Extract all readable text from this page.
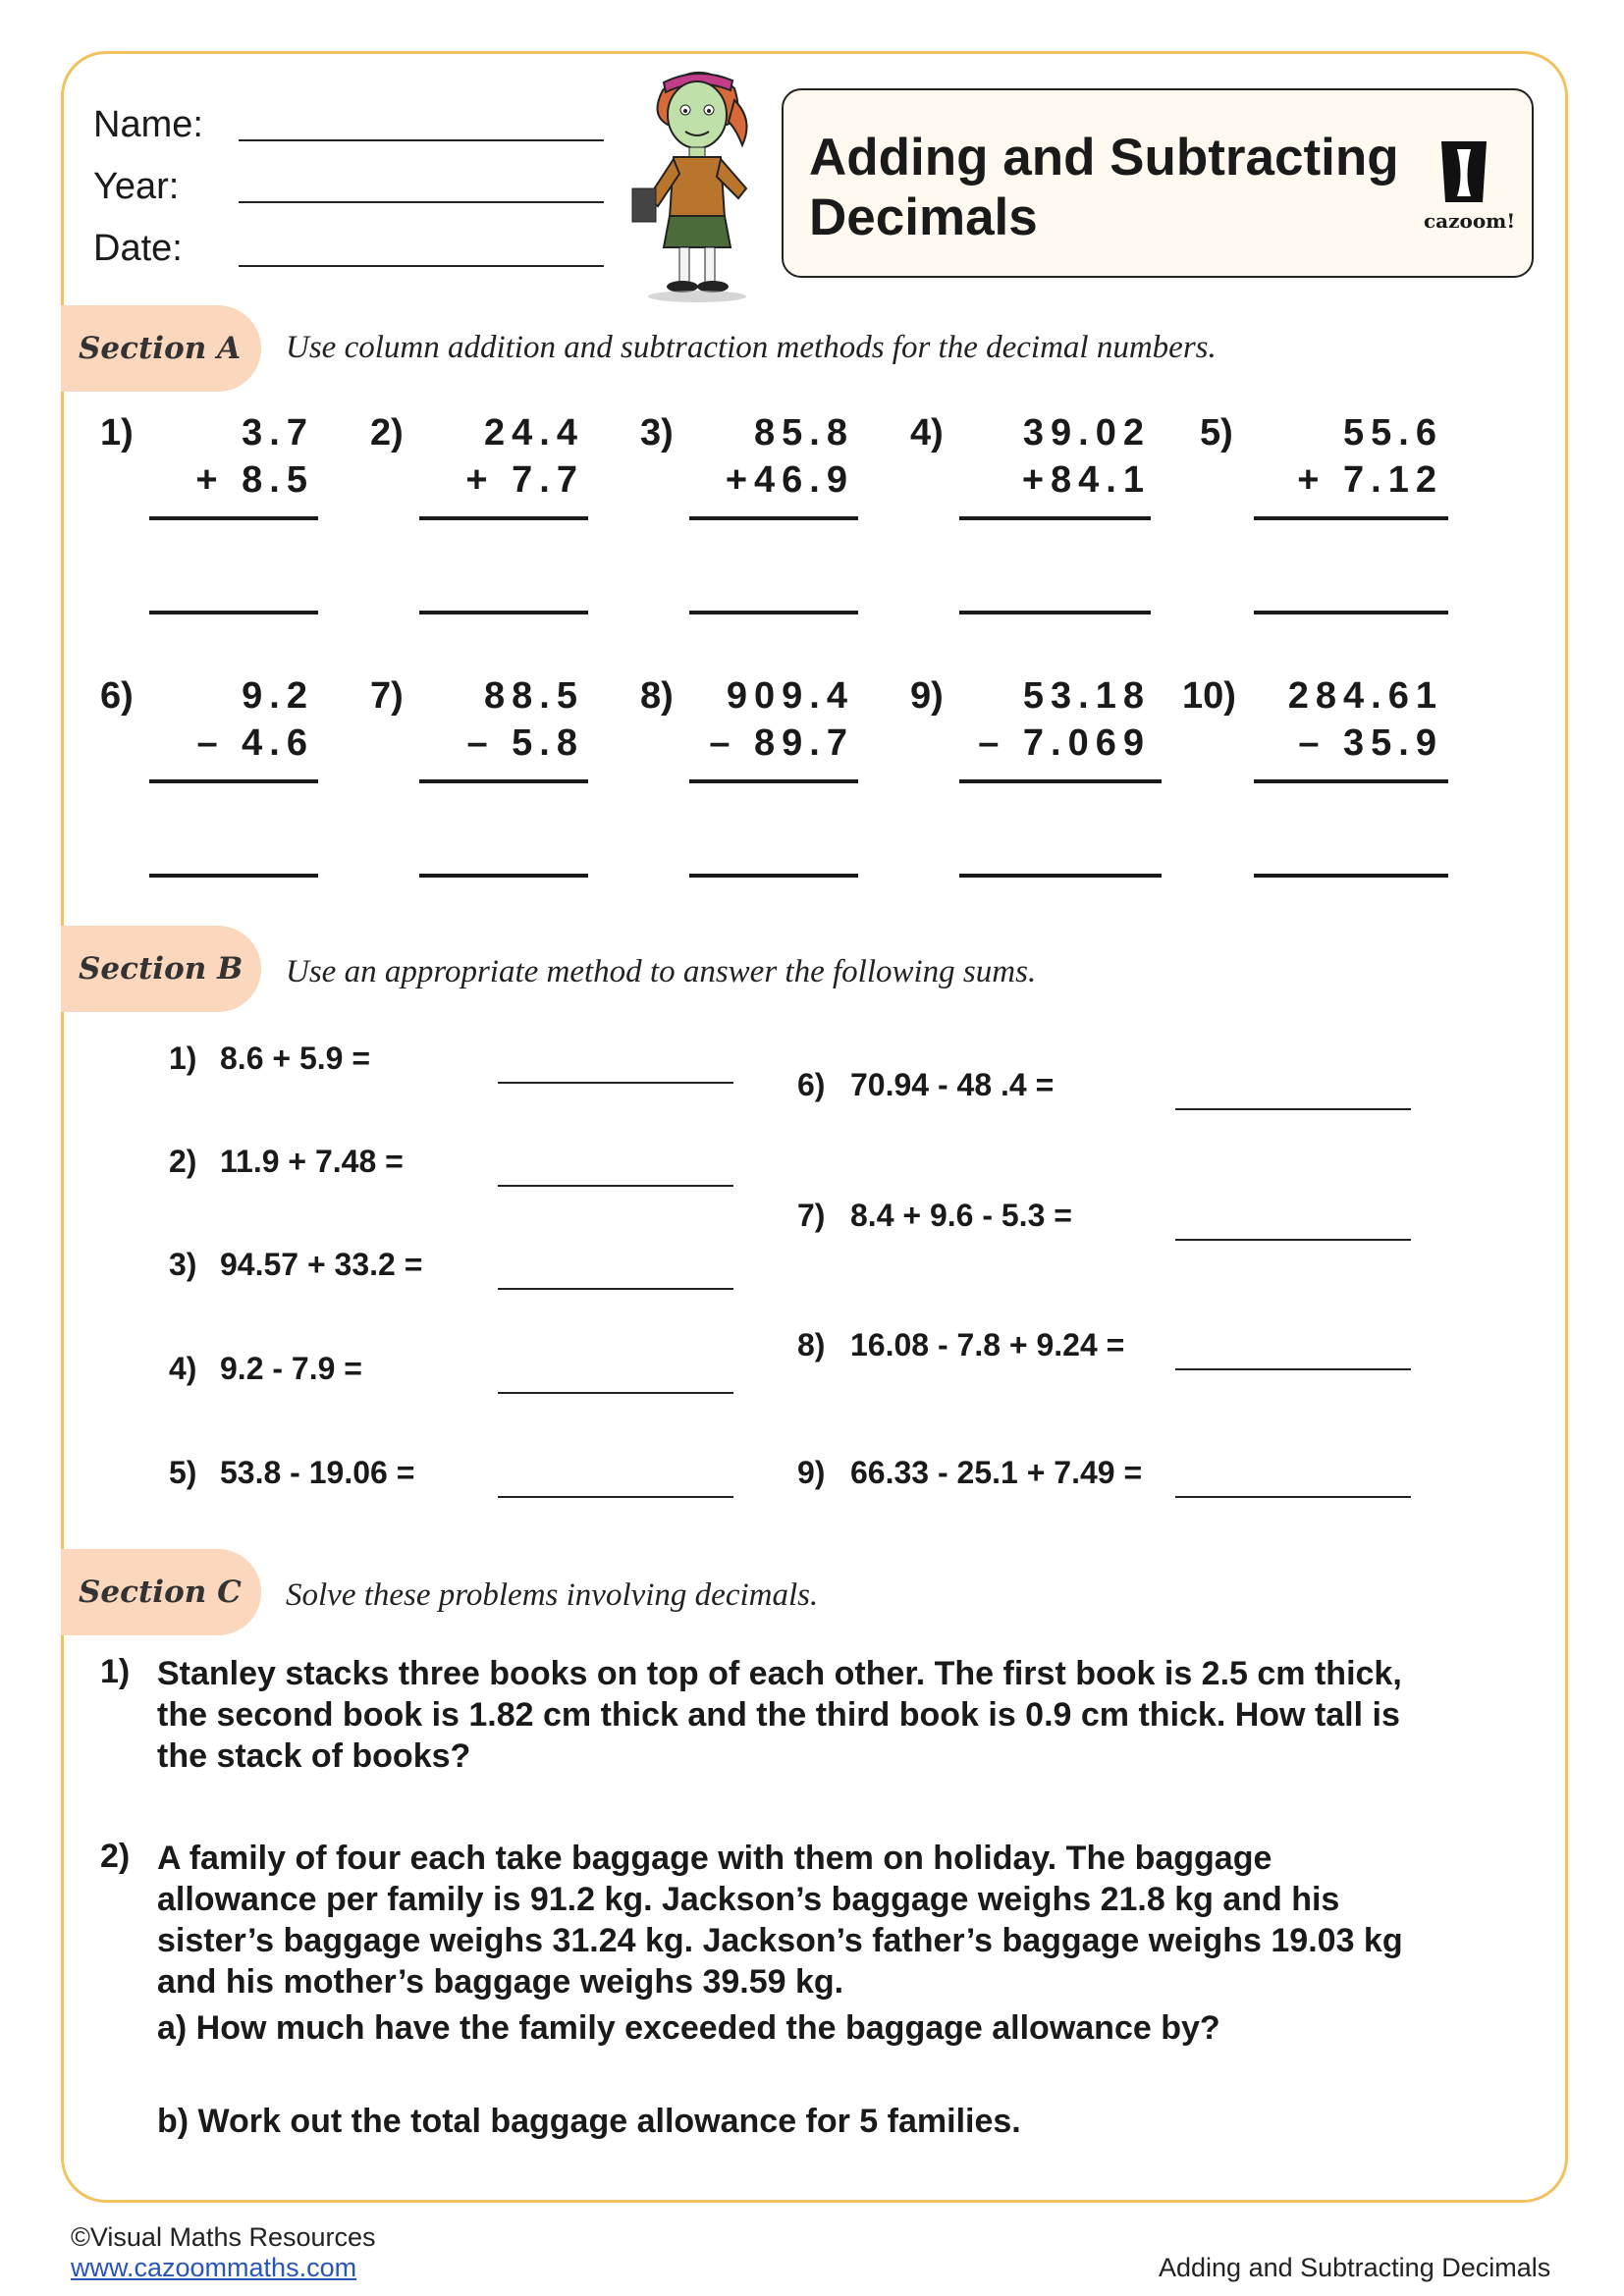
Name:
Year:
Date:
Adding and Subtracting
Decimals	cazoom!
Section A Use column addition and subtraction methods for the decimal numbers.
1)	3.7
+ 8.5
2) 24.4
+ 7.7
3) 85.8
+46.9
4) 39.02
+84.1
5)	55.6
+ 7.12
6)	9.2
– 4.6
7) 88.5
– 5.8
8) 909.4
– 89.7
9) 53.18
– 7.069
10) 284.61
– 35.9
Section B Use an appropriate method to answer the following sums.
1) 8.6 + 5.9 =
2) 11.9 + 7.48 =
3) 94.57 + 33.2 =
4) 9.2 - 7.9 =
5) 53.8 - 19.06 =
6) 70.94 - 48 .4 =
7) 8.4 + 9.6 - 5.3 =
8) 16.08 - 7.8 + 9.24 =
9) 66.33 - 25.1 + 7.49 =
Section C Solve these problems involving decimals.
1) Stanley stacks three books on top of each other. The first book is 2.5 cm thick,
the second book is 1.82 cm thick and the third book is 0.9 cm thick. How tall is
the stack of books?
2) A family of four each take baggage with them on holiday. The baggage
allowance per family is 91.2 kg. Jackson’s baggage weighs 21.8 kg and his
sister’s baggage weighs 31.24 kg. Jackson’s father’s baggage weighs 19.03 kg
and his mother’s baggage weighs 39.59 kg.
a) How much have the family exceeded the baggage allowance by?
b) Work out the total baggage allowance for 5 families.
©Visual Maths Resources
www.cazoommaths.com	Adding and Subtracting Decimals
